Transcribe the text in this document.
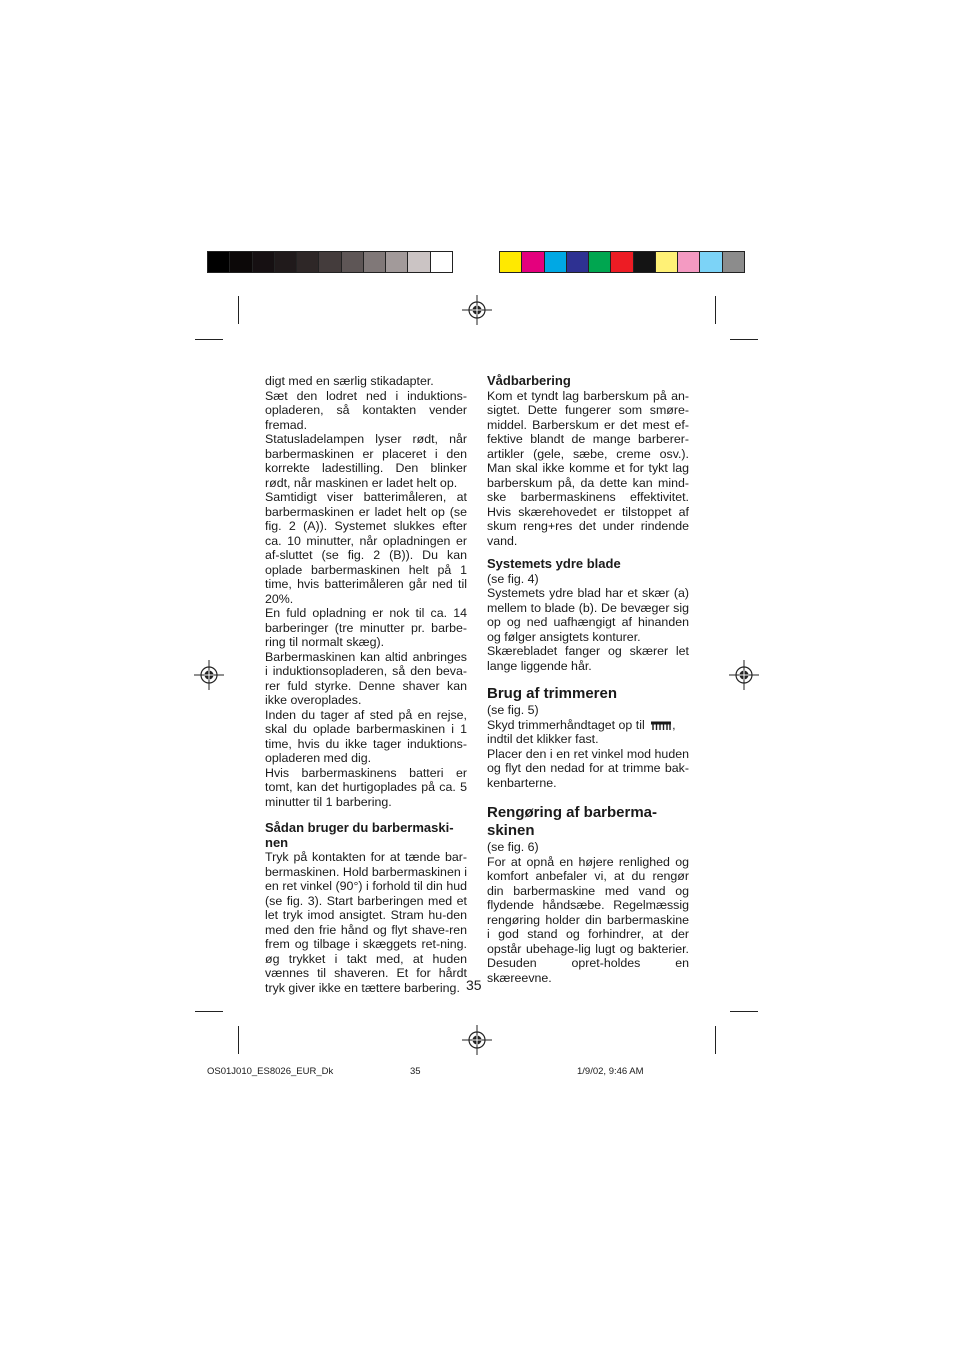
digt med en særlig stikadapter.

Sæt den lodret ned i induktions-opladeren, så kontakten vender fremad.

Statusladelampen lyser rødt, når barbermaskinen er placeret i den korrekte ladestilling. Den blinker rødt, når maskinen er ladet helt op.

Samtidigt viser batterimåleren, at barbermaskinen er ladet helt op (se fig. 2 (A)). Systemet slukkes efter ca. 10 minutter, når opladningen er af-sluttet (se fig. 2 (B)). Du kan oplade barbermaskinen helt på 1 time, hvis batterimåleren går ned til 20%.

En fuld opladning er nok til ca. 14 barberinger (tre minutter pr. barbe-ring til normalt skæg).

Barbermaskinen kan altid anbringes i induktionsopladeren, så den beva-rer fuld styrke. Denne shaver kan ikke overoplades.

Inden du tager af sted på en rejse, skal du oplade barbermaskinen i 1 time, hvis du ikke tager induktions-opladeren med dig.

Hvis barbermaskinens batteri er tomt, kan det hurtigoplades på ca. 5 minutter til 1 barbering.

Sådan bruger du barbermaski-nen

Tryk på kontakten for at tænde bar-bermaskinen. Hold barbermaskinen i en ret vinkel (90°) i forhold til din hud (se fig. 3). Start barberingen med et let tryk imod ansigtet. Stram hu-den med den frie hånd og flyt shave-ren frem og tilbage i skæggets ret-ning. øg trykket i takt med, at huden vænnes til shaveren. Et for hårdt tryk giver ikke en tættere barbering.

Vådbarbering

Kom et tyndt lag barberskum på an-sigtet. Dette fungerer som smøre-middel. Barberskum er det mest ef-fektive blandt de mange barberer-artikler (gele, sæbe, creme osv.). Man skal ikke komme et for tykt lag barberskum på, da dette kan mind-ske barbermaskinens effektivitet. Hvis skærehovedet er tilstoppet af skum reng+res det under rindende vand.

Systemets ydre blade

(se fig. 4)

Systemets ydre blad har et skær (a) mellem to blade (b). De bevæger sig op og ned uafhængigt af hinanden og følger ansigtets konturer.

Skærebladet fanger og skærer let lange liggende hår.

Brug af trimmeren

(se fig. 5)

Skyd trimmerhåndtaget op til ,
indtil det klikker fast.

Placer den i en ret vinkel mod huden og flyt den nedad for at trimme bak-kenbarterne.

Rengøring af barberma-skinen

(se fig. 6)

For at opnå en højere renlighed og komfort anbefaler vi, at du rengør din barbermaskine med vand og flydende håndsæbe. Regelmæssig rengøring holder din barbermaskine i god stand og forhindrer, at der opstår ubehage-lig lugt og bakterier. Desuden opret-holdes en skæreevne.

35
OS01J010_ES8026_EUR_Dk	35	1/9/02, 9:46 AM
